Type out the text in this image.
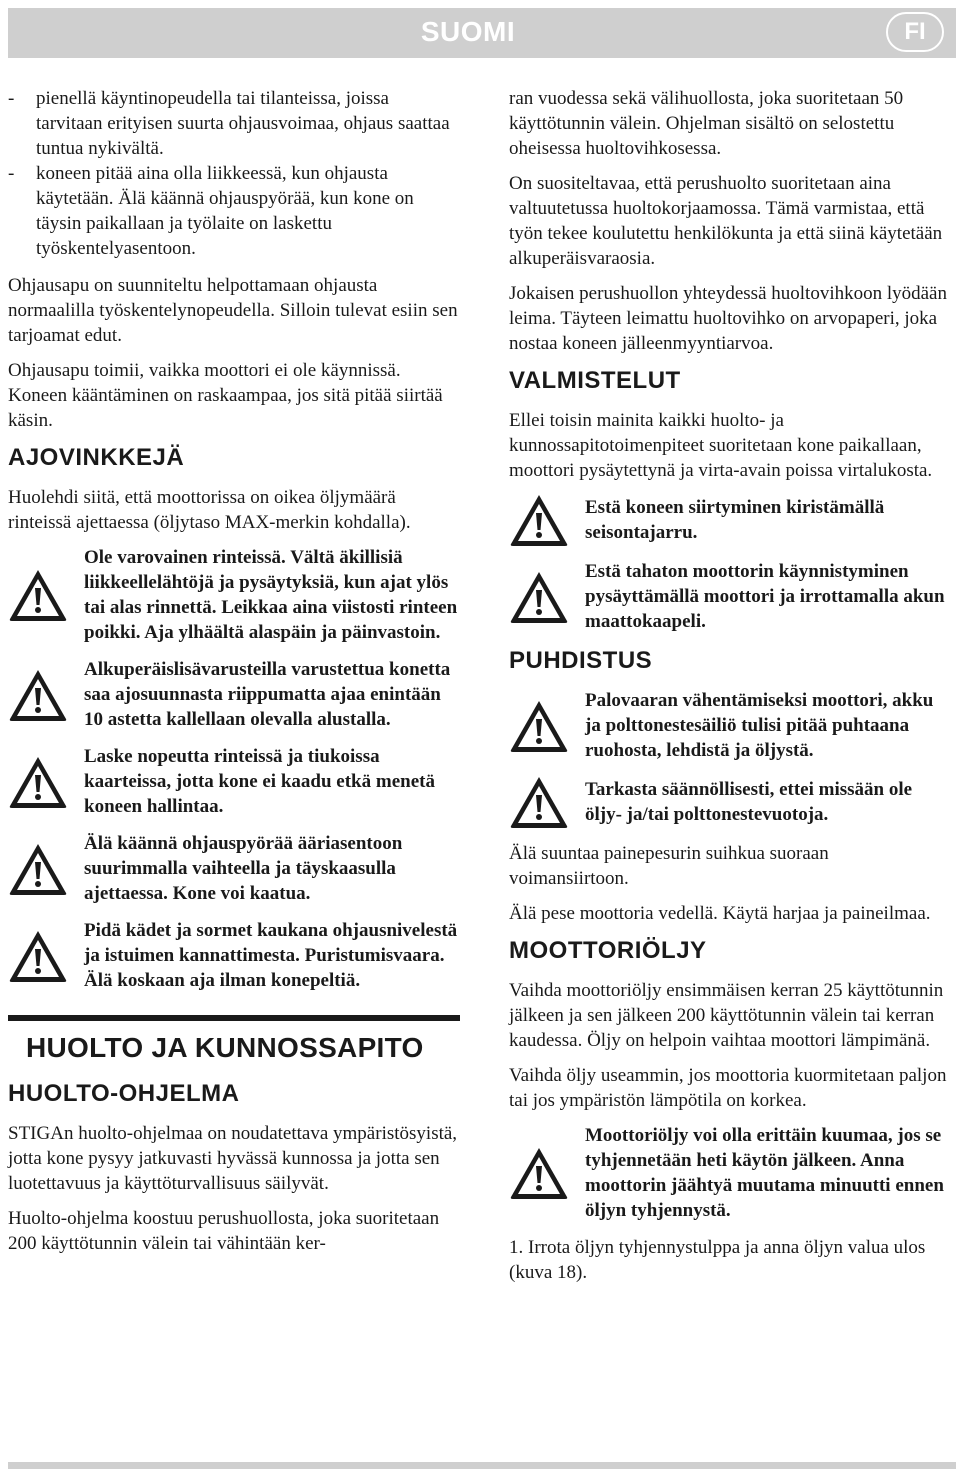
SUOMI	FI
-	pienellä käyntinopeudella tai tilanteissa, joissa tarvitaan erityisen suurta ohjausvoimaa, ohjaus saattaa tuntua nykivältä.
-	koneen pitää aina olla liikkeessä, kun ohjausta käytetään. Älä käännä ohjauspyörää, kun kone on täysin paikallaan ja työlaite on laskettu työskentelyasentoon.

Ohjausapu on suunniteltu helpottamaan ohjausta normaalilla työskentelynopeudella. Silloin tulevat esiin sen tarjoamat edut.

Ohjausapu toimii, vaikka moottori ei ole käynnissä. Koneen kääntäminen on raskaampaa, jos sitä pitää siirtää käsin.

AJOVINKKEJÄ

Huolehdi siitä, että moottorissa on oikea öljymäärä rinteissä ajettaessa (öljytaso MAX-merkin kohdalla).

Ole varovainen rinteissä. Vältä äkillisiä liikkeellelähtöjä ja pysäytyksiä, kun ajat ylös tai alas rinnettä. Leikkaa aina viistosti rinteen poikki. Aja ylhäältä alaspäin ja päinvastoin.
Alkuperäislisävarusteilla varustettua konetta saa ajosuunnasta riippumatta ajaa enintään 10 astetta kallellaan olevalla alustalla.
Laske nopeutta rinteissä ja tiukoissa kaarteissa, jotta kone ei kaadu etkä menetä koneen hallintaa.
Älä käännä ohjauspyörää ääriasentoon suurimmalla vaihteella ja täyskaasulla ajettaessa. Kone voi kaatua.
Pidä kädet ja sormet kaukana ohjausnivelestä ja istuimen kannattimesta. Puristumisvaara. Älä koskaan aja ilman konepeltiä.
HUOLTO JA KUNNOSSAPITO
HUOLTO-OHJELMA

STIGAn huolto-ohjelmaa on noudatettava ympäristösyistä, jotta kone pysyy jatkuvasti hyvässä kunnossa ja jotta sen luotettavuus ja käyttöturvallisuus säilyvät.

Huolto-ohjelma koostuu perushuollosta, joka suoritetaan 200 käyttötunnin välein tai vähintään ker-

ran vuodessa sekä välihuollosta, joka suoritetaan 50 käyttötunnin välein. Ohjelman sisältö on selostettu oheisessa huoltovihkosessa.

On suositeltavaa, että perushuolto suoritetaan aina valtuutetussa huoltokorjaamossa. Tämä varmistaa, että työn tekee koulutettu henkilökunta ja että siinä käytetään alkuperäisvaraosia.

Jokaisen perushuollon yhteydessä huoltovihkoon lyödään leima. Täyteen leimattu huoltovihko on arvopaperi, joka nostaa koneen jälleenmyyntiarvoa.

VALMISTELUT

Ellei toisin mainita kaikki huolto- ja kunnossapitotoimenpiteet suoritetaan kone paikallaan, moottori pysäytettynä ja virta-avain poissa virtalukosta.

Estä koneen siirtyminen kiristämällä seisontajarru.
Estä tahaton moottorin käynnistyminen pysäyttämällä moottori ja irrottamalla akun maattokaapeli.
PUHDISTUS
Palovaaran vähentämiseksi moottori, akku ja polttonestesäiliö tulisi pitää puhtaana ruohosta, lehdistä ja öljystä.
Tarkasta säännöllisesti, ettei missään ole öljy- ja/tai polttonestevuotoja.

Älä suuntaa painepesurin suihkua suoraan voimansiirtoon.

Älä pese moottoria vedellä. Käytä harjaa ja paineilmaa.

MOOTTORIÖLJY

Vaihda moottoriöljy ensimmäisen kerran 25 käyttötunnin jälkeen ja sen jälkeen 200 käyttötunnin välein tai kerran kaudessa. Öljy on helpoin vaihtaa moottori lämpimänä.

Vaihda öljy useammin, jos moottoria kuormitetaan paljon tai jos ympäristön lämpötila on korkea.

Moottoriöljy voi olla erittäin kuumaa, jos se tyhjennetään heti käytön jälkeen. Anna moottorin jäähtyä muutama minuutti ennen öljyn tyhjennystä.

1. Irrota öljyn tyhjennystulppa ja anna öljyn valua ulos (kuva 18).
